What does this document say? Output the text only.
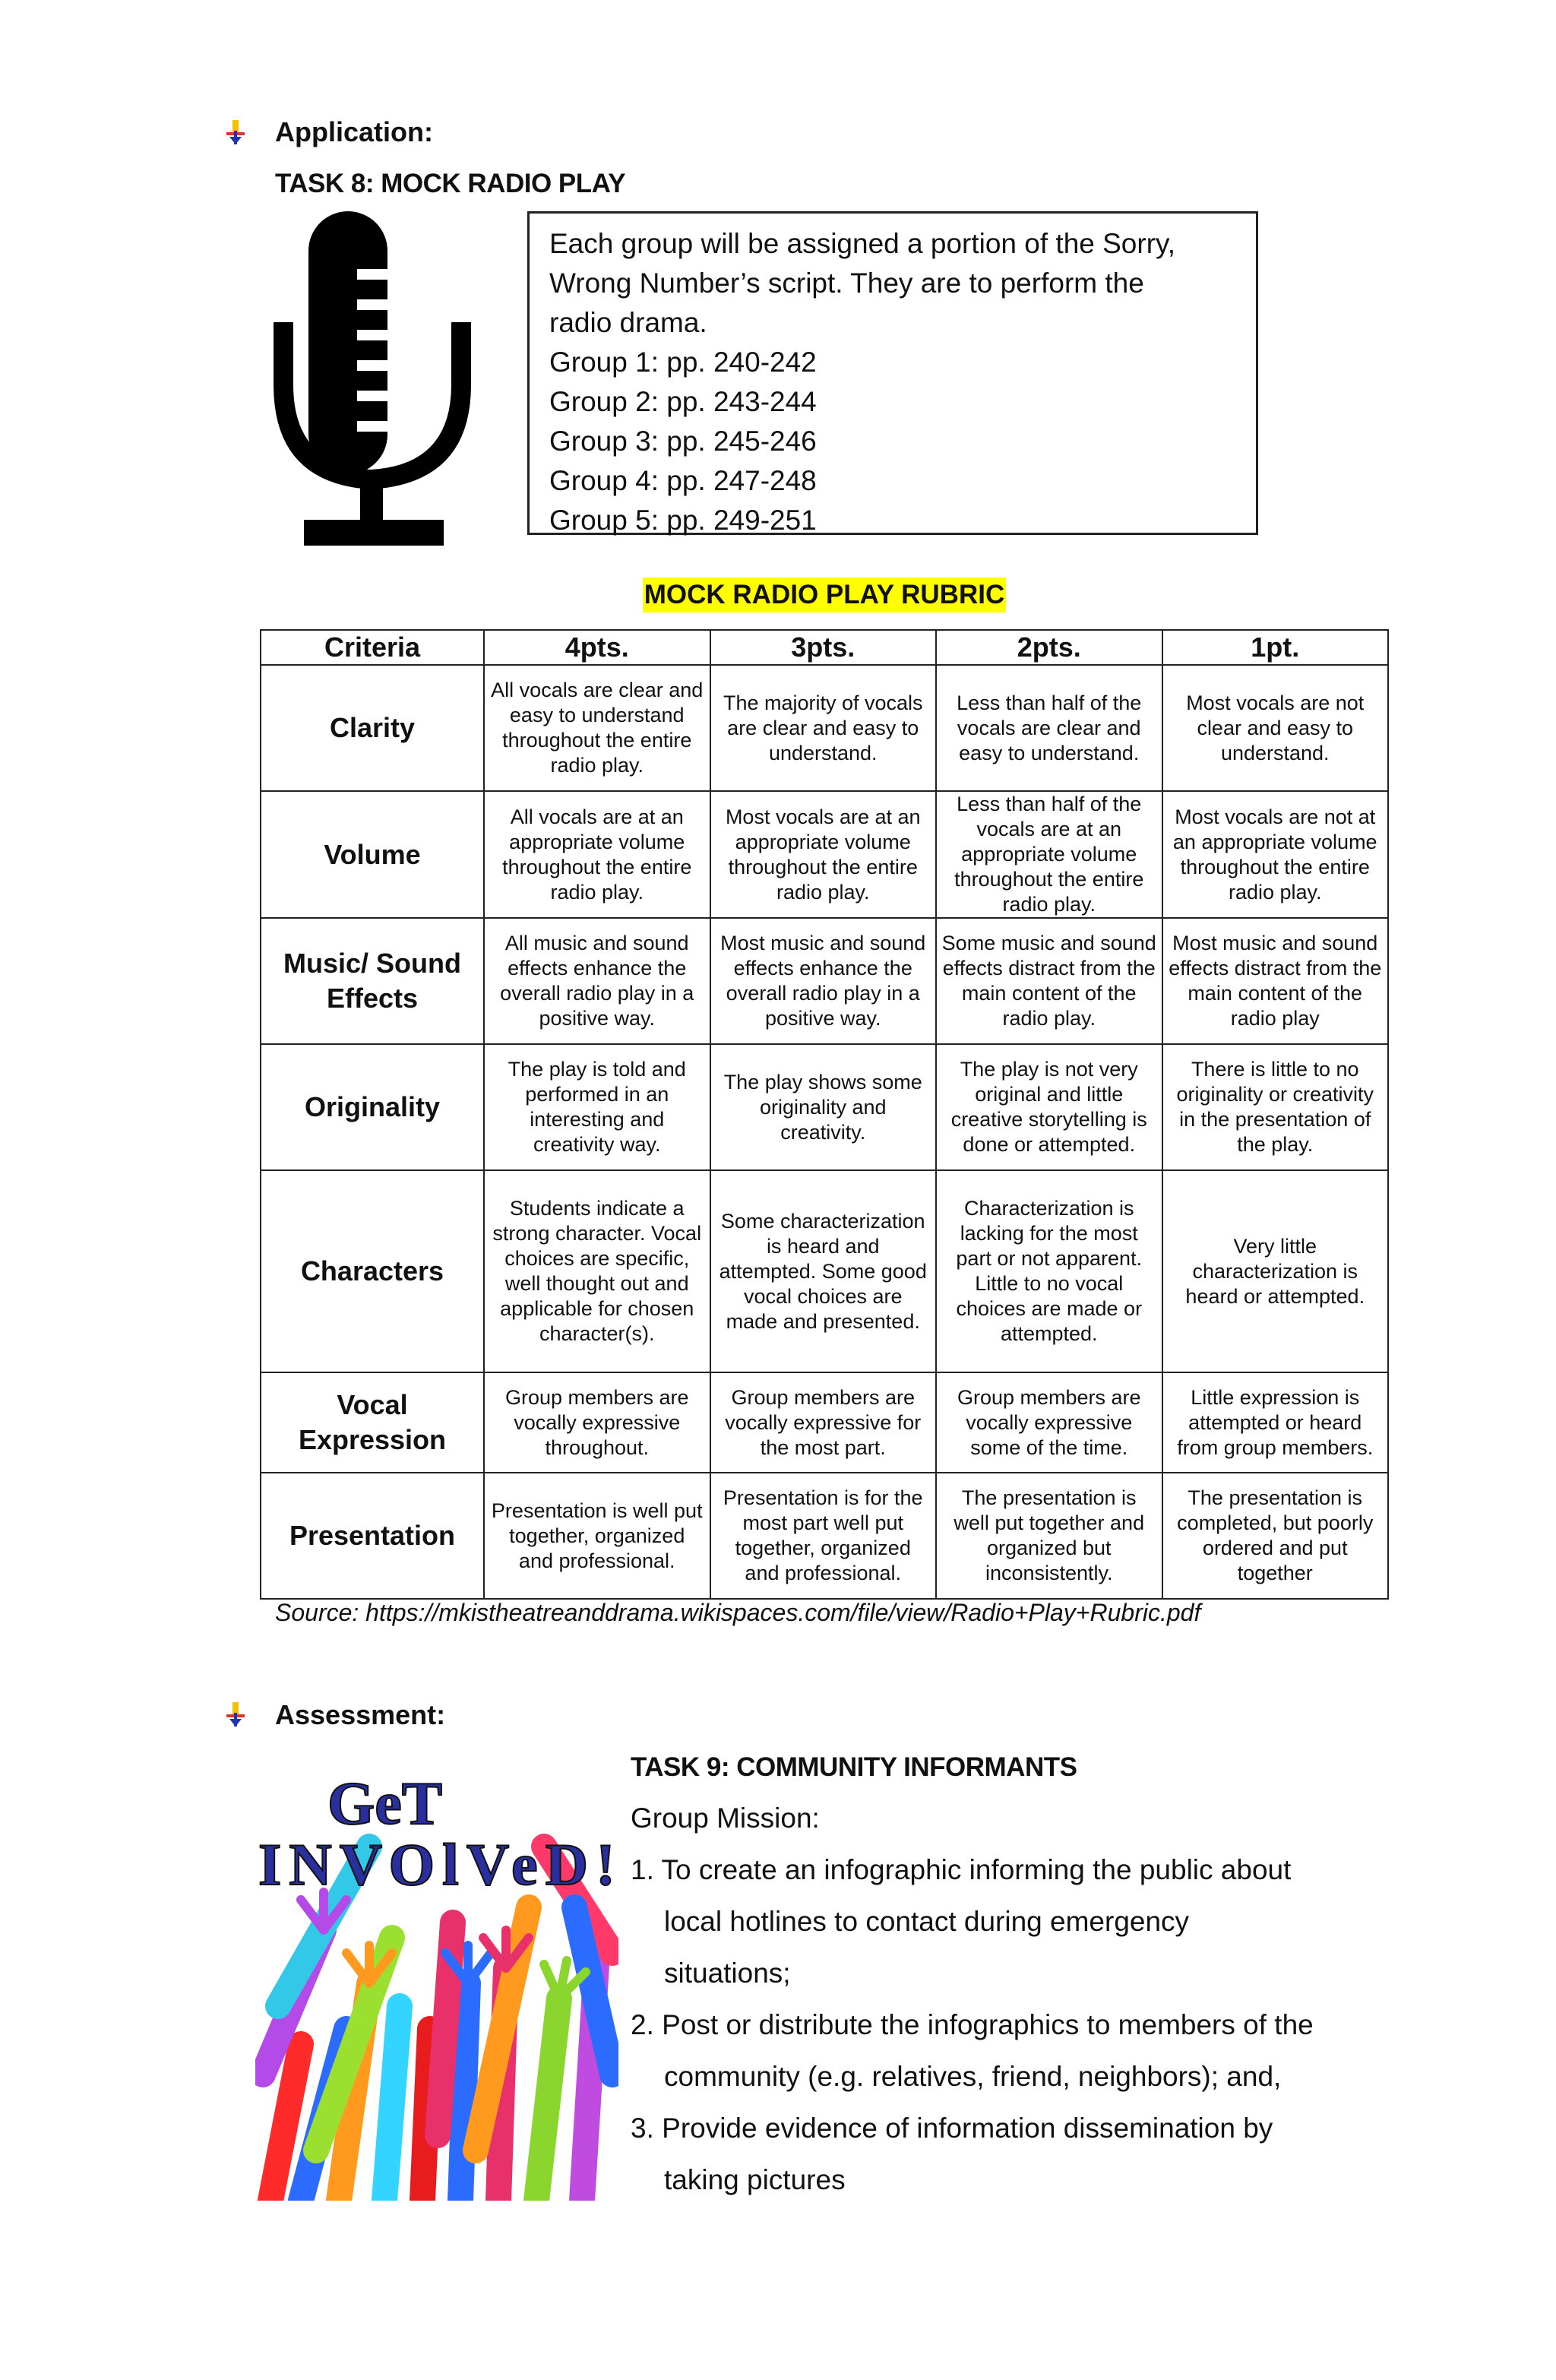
Application:
TASK 8: MOCK RADIO PLAY
Each group will be assigned a portion of the Sorry,
Wrong Number’s script. They are to perform the
radio drama.
Group 1: pp. 240-242
Group 2: pp. 243-244
Group 3: pp. 245-246
Group 4: pp. 247-248
Group 5: pp. 249-251
MOCK RADIO PLAY RUBRIC
Criteria	4pts.	3pts.	2pts.	1pt.
Clarity	All vocals are clear and easy to understand throughout the entire radio play.	The majority of vocals are clear and easy to understand.	Less than half of the vocals are clear and easy to understand.	Most vocals are not clear and easy to understand.
Volume	All vocals are at an appropriate volume throughout the entire radio play.	Most vocals are at an appropriate volume throughout the entire radio play.	Less than half of the vocals are at an appropriate volume throughout the entire radio play.	Most vocals are not at an appropriate volume throughout the entire radio play.
Music/ Sound Effects	All music and sound effects enhance the overall radio play in a positive way.	Most music and sound effects enhance the overall radio play in a positive way.	Some music and sound effects distract from the main content of the radio play.	Most music and sound effects distract from the main content of the radio play
Originality	The play is told and performed in an interesting and creativity way.	The play shows some originality and creativity.	The play is not very original and little creative storytelling is done or attempted.	There is little to no originality or creativity in the presentation of the play.
Characters	Students indicate a strong character. Vocal choices are specific, well thought out and applicable for chosen character(s).	Some characterization is heard and attempted. Some good vocal choices are made and presented.	Characterization is lacking for the most part or not apparent. Little to no vocal choices are made or attempted.	Very little characterization is heard or attempted.
Vocal Expression	Group members are vocally expressive throughout.	Group members are vocally expressive for the most part.	Group members are vocally expressive some of the time.	Little expression is attempted or heard from group members.
Presentation	Presentation is well put together, organized and professional.	Presentation is for the most part well put together, organized and professional.	The presentation is well put together and organized but inconsistently.	The presentation is completed, but poorly ordered and put together
Source: https://mkistheatreanddrama.wikispaces.com/file/view/Radio+Play+Rubric.pdf
Assessment:
GeT
INVOlVeD!
TASK 9: COMMUNITY INFORMANTS
Group Mission:
1. To create an infographic informing the public about
local hotlines to contact during emergency
situations;
2. Post or distribute the infographics to members of the
community (e.g. relatives, friend, neighbors); and,
3. Provide evidence of information dissemination by
taking pictures
